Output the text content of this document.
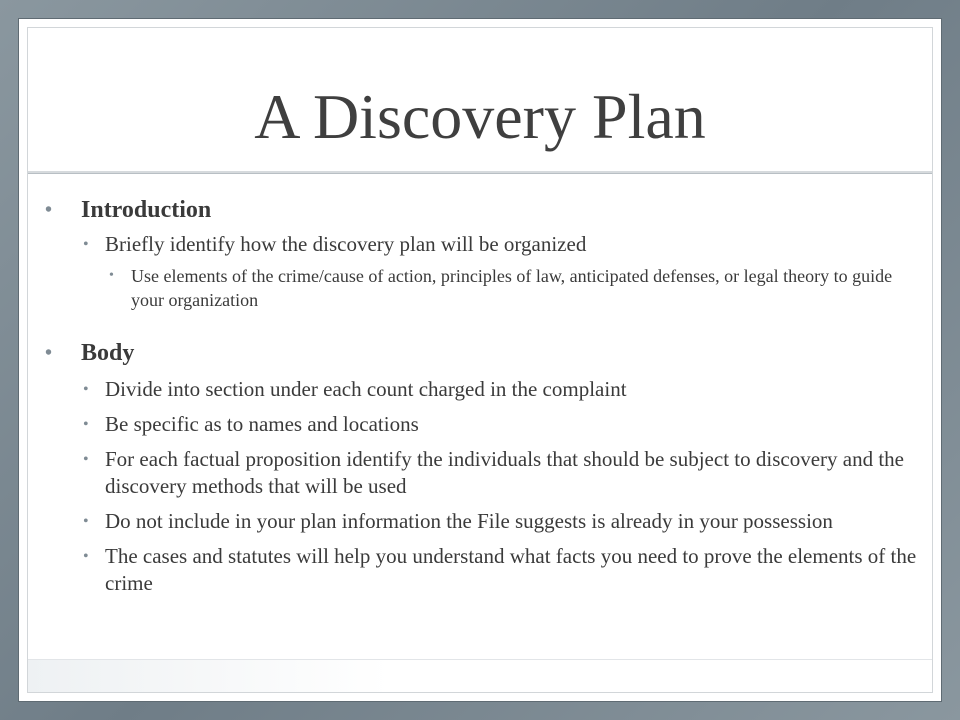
A Discovery Plan
• Introduction
• Briefly identify how the discovery plan will be organized
• Use elements of the crime/cause of action, principles of law, anticipated defenses, or legal theory to guide your organization
• Body
• Divide into section under each count charged in the complaint
• Be specific as to names and locations
• For each factual proposition identify the individuals that should be subject to discovery and the discovery methods that will be used
• Do not include in your plan information the File suggests is already in your possession
• The cases and statutes will help you understand what facts you need to prove the elements of the crime
